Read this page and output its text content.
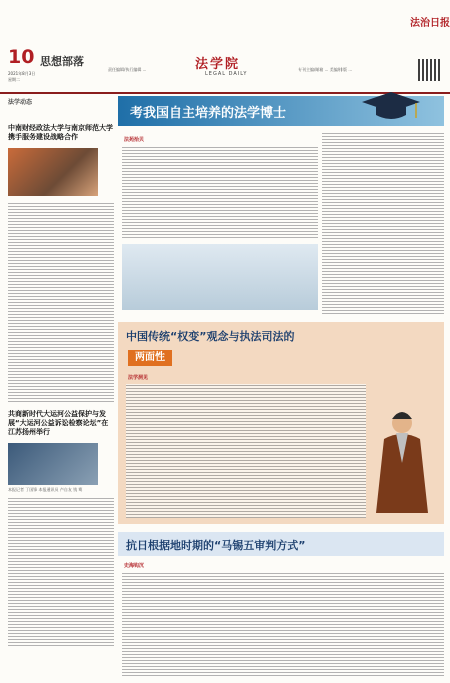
10 思想部落
2021年8月3日
星期二
责任编辑/执行编辑 ...	法学院
LEGAL DAILY
专刊主编/邮箱 ... 美编/排版 ...
法治日报
法学动态
中南财经政法大学与南京师范大学携手服务建设战略合作
共商新时代大运河公益保护与发展“大运河公益诉讼检察论坛”在江苏扬州举行
本报记者 丁国锋 本报通讯员 卢自友 钱 骞
考我国自主培养的法学博士
法苑拾贝
中国传统“权变”观念与执法司法的
两面性
法学洞见
抗日根据地时期的“马锡五审判方式”
史海钩沉
